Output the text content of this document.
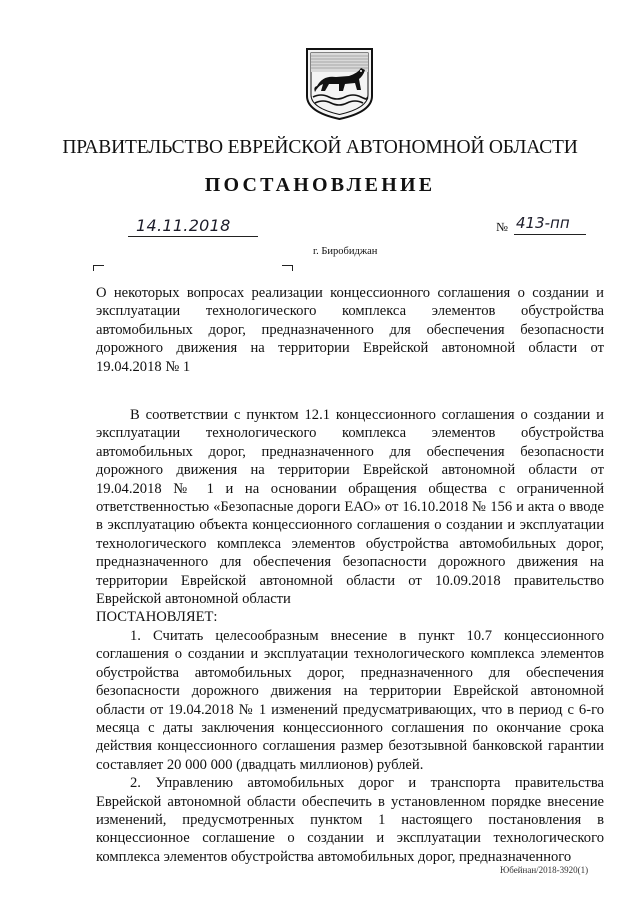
ПРАВИТЕЛЬСТВО ЕВРЕЙСКОЙ АВТОНОМНОЙ ОБЛАСТИ
ПОСТАНОВЛЕНИЕ
14.11.2018	№ 413-пп
г. Биробиджан
О некоторых вопросах реализации концессионного соглашения о создании и эксплуатации технологического комплекса элементов обустройства автомобильных дорог, предназначенного для обеспечения безопасности дорожного движения на территории Еврейской автономной области от 19.04.2018 № 1

В соответствии с пунктом 12.1 концессионного соглашения о создании и эксплуатации технологического комплекса элементов обустройства автомобильных дорог, предназначенного для обеспечения безопасности дорожного движения на территории Еврейской автономной области от 19.04.2018 № 1 и на основании обращения общества с ограниченной ответственностью «Безопасные дороги ЕАО» от 16.10.2018 № 156 и акта о вводе в эксплуатацию объекта концессионного соглашения о создании и эксплуатации технологического комплекса элементов обустройства автомобильных дорог, предназначенного для обеспечения безопасности дорожного движения на территории Еврейской автономной области от 10.09.2018 правительство Еврейской автономной области

ПОСТАНОВЛЯЕТ:

1. Считать целесообразным внесение в пункт 10.7 концессионного соглашения о создании и эксплуатации технологического комплекса элементов обустройства автомобильных дорог, предназначенного для обеспечения безопасности дорожного движения на территории Еврейской автономной области от 19.04.2018 № 1 изменений предусматривающих, что в период с 6-го месяца с даты заключения концессионного соглашения по окончание срока действия концессионного соглашения размер безотзывной банковской гарантии составляет 20 000 000 (двадцать миллионов) рублей.

2. Управлению автомобильных дорог и транспорта правительства Еврейской автономной области обеспечить в установленном порядке внесение изменений, предусмотренных пунктом 1 настоящего постановления в концессионное соглашение о создании и эксплуатации технологического комплекса элементов обустройства автомобильных дорог, предназначенного

Юбейнан/2018-3920(1)
